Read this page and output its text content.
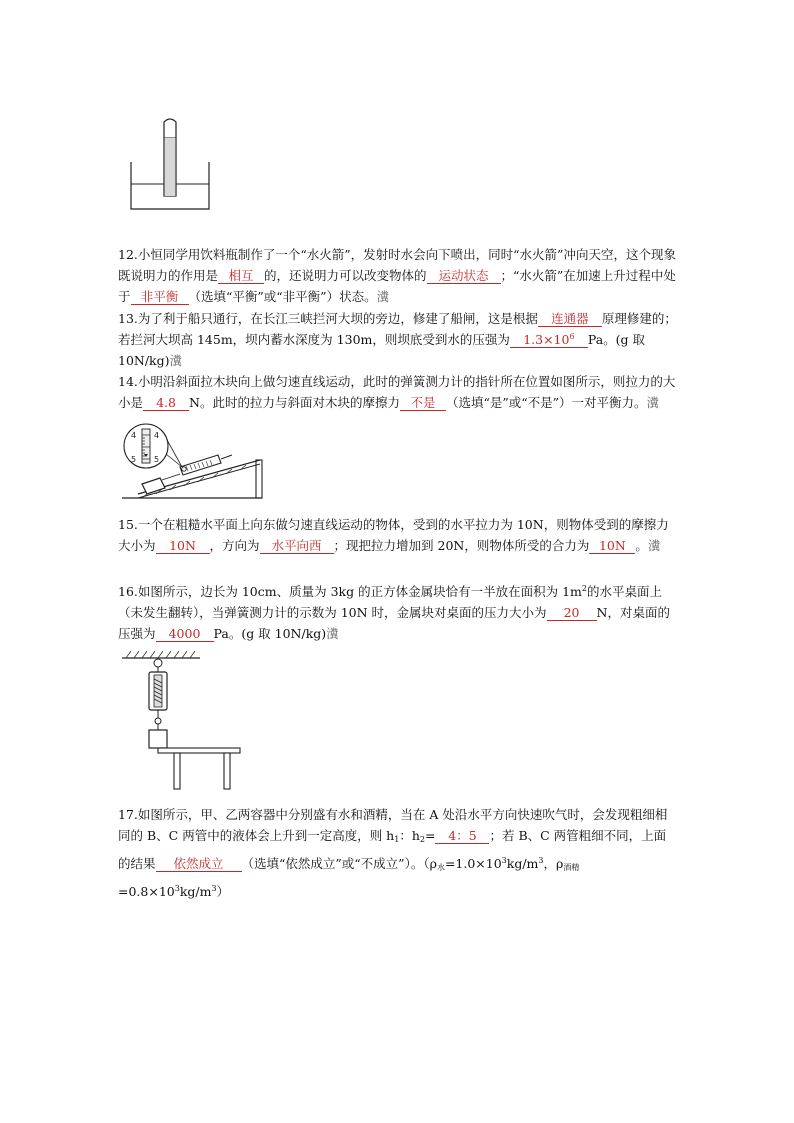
12.小恒同学用饮料瓶制作了一个“水火箭”，发射时水会向下喷出，同时“水火箭”冲向天空，这个现象既说明力的作用是 相互 的，还说明力可以改变物体的 运动状态 ；“水火箭”在加速上升过程中处于 非平衡 （选填“平衡”或“非平衡”）状态。瀵
13.为了利于船只通行，在长江三峡拦河大坝的旁边，修建了船闸，这是根据 连通器 原理修建的；若拦河大坝高 145m，坝内蓄水深度为 130m，则坝底受到水的压强为 $1.3\times 10^6$ Pa。(g 取 10N/kg)瀵
14.小明沿斜面拉木块向上做匀速直线运动，此时的弹簧测力计的指针所在位置如图所示，则拉力的大小是 4.8 N。此时的拉力与斜面对木块的摩擦力 不是 （选填“是”或“不是”）一对平衡力。瀵
4
5
4
5
15.一个在粗糙水平面上向东做匀速直线运动的物体，受到的水平拉力为 10N，则物体受到的摩擦力大小为 10N ，方向为 水平向西 ；现把拉力增加到 20N，则物体所受的合力为 10N 。瀵
16.如图所示，边长为 10cm、质量为 3kg 的正方体金属块恰有一半放在面积为 $1m^2$的水平桌面上（未发生翻转），当弹簧测力计的示数为 10N 时，金属块对桌面的压力大小为 20 N，对桌面的压强为 4000 Pa。(g 取 10N/kg)瀵
17.如图所示，甲、乙两容器中分别盛有水和酒精，当在 A 处沿水平方向快速吹气时，会发现粗细相同的 B、C 两管中的液体会上升到一定高度，则 $h_1$：$h_2= 4$：5 ；若 B、C 两管粗细不同，上面的结果 依然成立 （选填“依然成立”或“不成立”）。（$\rho_水=1.0\times 10^3kg/m^3$，$\rho_{酒精}=0.8\times 10^3kg/m^3$）
